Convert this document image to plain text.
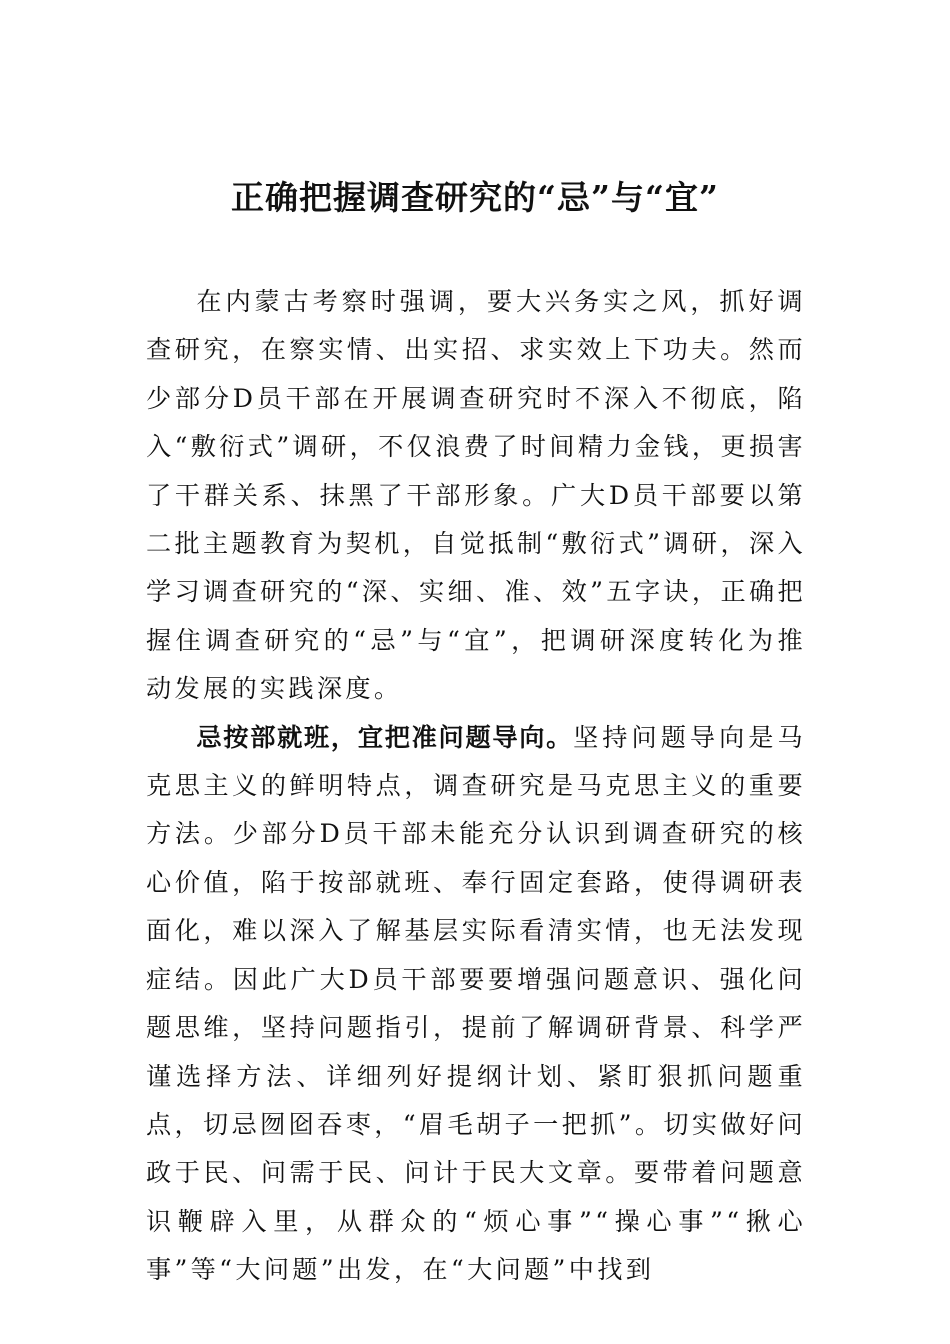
正确把握调查研究的“忌”与“宜”

在内蒙古考察时强调，要大兴务实之风，抓好调查研究，在察实情、出实招、求实效上下功夫。然而少部分D员干部在开展调查研究时不深入不彻底，陷入“敷衍式”调研，不仅浪费了时间精力金钱，更损害了干群关系、抹黑了干部形象。广大D员干部要以第二批主题教育为契机，自觉抵制“敷衍式”调研，深入学习调查研究的“深、实细、准、效”五字诀，正确把握住调查研究的“忌”与“宜”，把调研深度转化为推动发展的实践深度。

忌按部就班，宜把准问题导向。坚持问题导向是马克思主义的鲜明特点，调查研究是马克思主义的重要方法。少部分D员干部未能充分认识到调查研究的核心价值，陷于按部就班、奉行固定套路，使得调研表面化，难以深入了解基层实际看清实情，也无法发现症结。因此广大D员干部要要增强问题意识、强化问题思维，坚持问题指引，提前了解调研背景、科学严谨选择方法、详细列好提纲计划、紧盯狠抓问题重点，切忌囫囵吞枣，“眉毛胡子一把抓”。切实做好问政于民、问需于民、问计于民大文章。要带着问题意识鞭辟入里，从群众的“烦心事”“操心事”“揪心事”等“大问题”出发，在“大问题”中找到
